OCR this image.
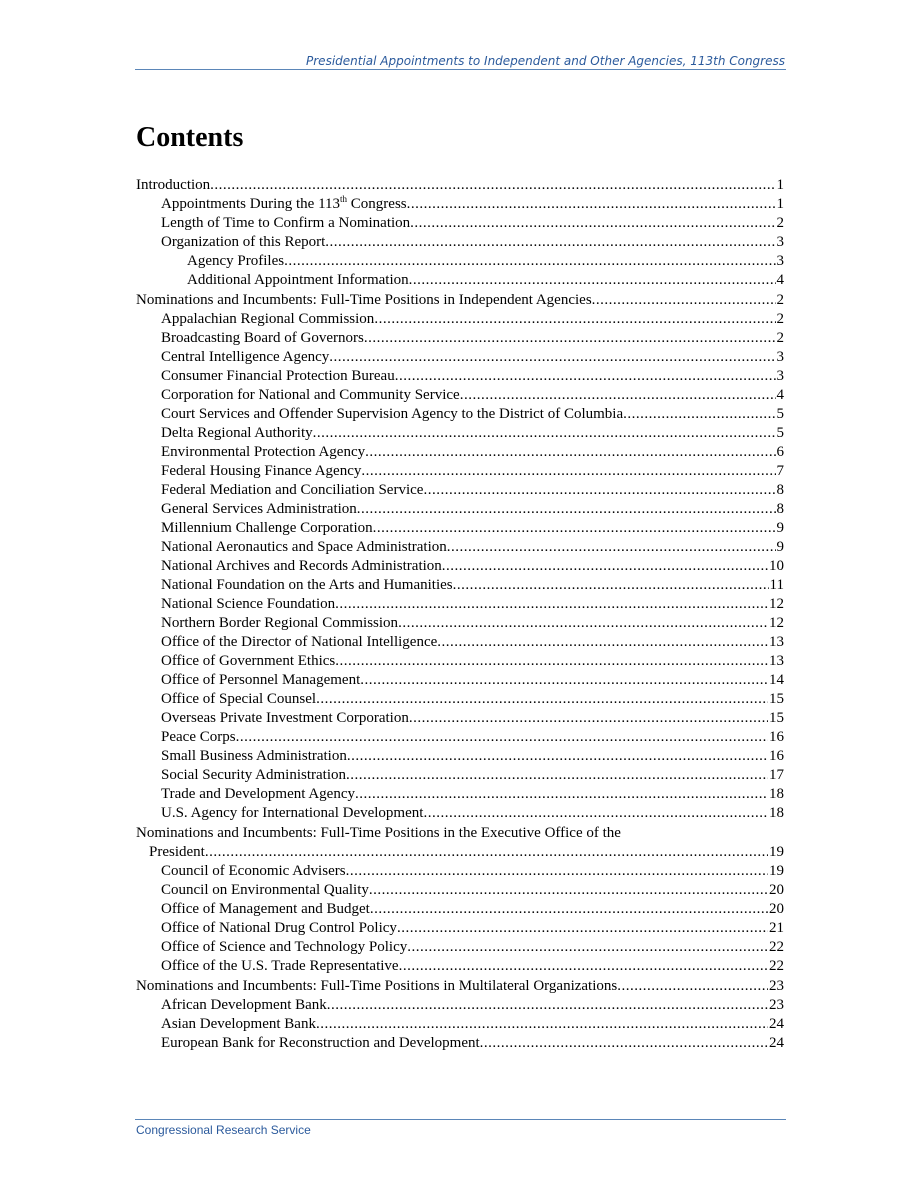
Presidential Appointments to Independent and Other Agencies, 113th Congress
Contents
Introduction .....	1
Appointments During the 113th Congress .....	1
Length of Time to Confirm a Nomination .....	2
Organization of this Report .....	3
Agency Profiles .....	3
Additional Appointment Information .....	4
Nominations and Incumbents: Full-Time Positions in Independent Agencies .....	2
Appalachian Regional Commission .....	2
Broadcasting Board of Governors .....	2
Central Intelligence Agency .....	3
Consumer Financial Protection Bureau .....	3
Corporation for National and Community Service .....	4
Court Services and Offender Supervision Agency to the District of Columbia .....	5
Delta Regional Authority .....	5
Environmental Protection Agency .....	6
Federal Housing Finance Agency .....	7
Federal Mediation and Conciliation Service .....	8
General Services Administration .....	8
Millennium Challenge Corporation .....	9
National Aeronautics and Space Administration .....	9
National Archives and Records Administration .....	10
National Foundation on the Arts and Humanities .....	11
National Science Foundation .....	12
Northern Border Regional Commission .....	12
Office of the Director of National Intelligence .....	13
Office of Government Ethics .....	13
Office of Personnel Management .....	14
Office of Special Counsel .....	15
Overseas Private Investment Corporation .....	15
Peace Corps .....	16
Small Business Administration .....	16
Social Security Administration .....	17
Trade and Development Agency .....	18
U.S. Agency for International Development .....	18
Nominations and Incumbents: Full-Time Positions in the Executive Office of the
President .....	19
Council of Economic Advisers .....	19
Council on Environmental Quality .....	20
Office of Management and Budget .....	20
Office of National Drug Control Policy .....	21
Office of Science and Technology Policy .....	22
Office of the U.S. Trade Representative .....	22
Nominations and Incumbents: Full-Time Positions in Multilateral Organizations .....	23
African Development Bank .....	23
Asian Development Bank .....	24
European Bank for Reconstruction and Development .....	24
Congressional Research Service
